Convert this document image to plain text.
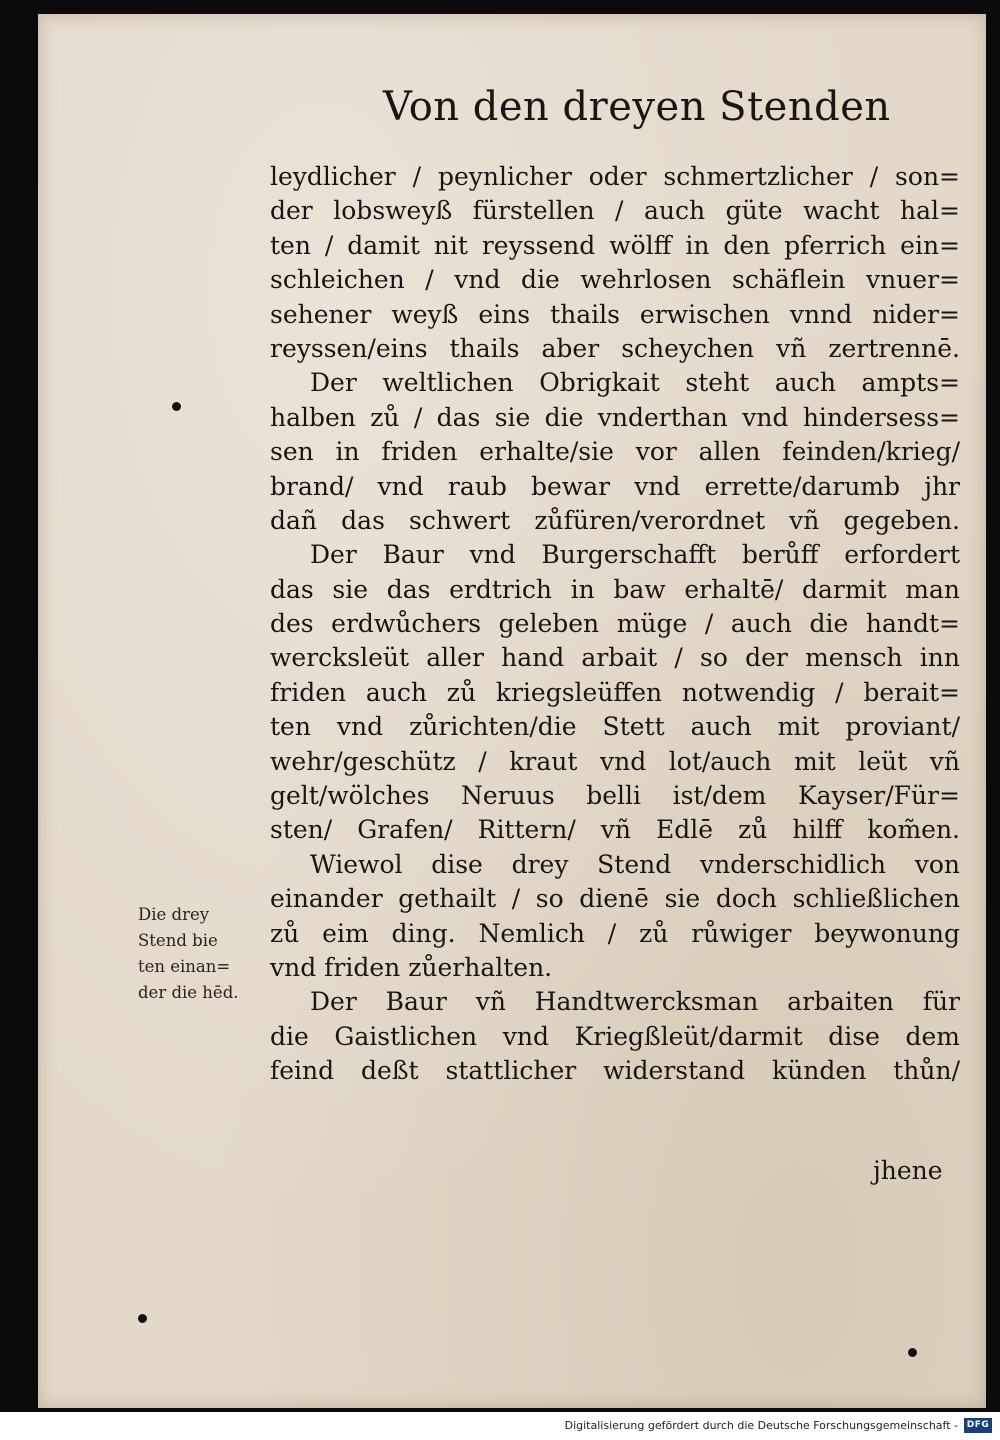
Von den dreyen Stenden
leydlicher / peynlicher oder schmertzlicher / son=
der lobsweyß fürstellen / auch güte wacht hal=
ten / damit nit reyssend wölff in den pferrich ein=
schleichen / vnd die wehrlosen schäflein vnuer=
sehener weyß eins thails erwischen vnnd nider=
reyssen/eins thails aber scheychen vñ zertrennē.
Der weltlichen Obrigkait steht auch ampts=
halben zů / das sie die vnderthan vnd hindersess=
sen in friden erhalte/sie vor allen feinden/krieg/
brand/ vnd raub bewar vnd errette/darumb jhr
dañ das schwert zůfüren/verordnet vñ gegeben.
Der Baur vnd Burgerschafft berůff erfordert
das sie das erdtrich in baw erhaltē/ darmit man
des erdwůchers geleben müge / auch die handt=
wercksleüt aller hand arbait / so der mensch inn
friden auch zů kriegsleüffen notwendig / berait=
ten vnd zůrichten/die Stett auch mit proviant/
wehr/geschütz / kraut vnd lot/auch mit leüt vñ
gelt/wölches Neruus belli ist/dem Kayser/Für=
sten/ Grafen/ Rittern/ vñ Edlē zů hilff kom̃en.
Wiewol dise drey Stend vnderschidlich von
einander gethailt / so dienē sie doch schließlichen
zů eim ding. Nemlich / zů růwiger beywonung
vnd friden zůerhalten.
Der Baur vñ Handtwercksman arbaiten für
die Gaistlichen vnd Kriegßleüt/darmit dise dem
feind deßt stattlicher widerstand künden thůn/
jhene
Die drey
Stend bie
ten einan=
der die hēd.
Digitalisierung gefördert durch die Deutsche Forschungsgemeinschaft - DFG
